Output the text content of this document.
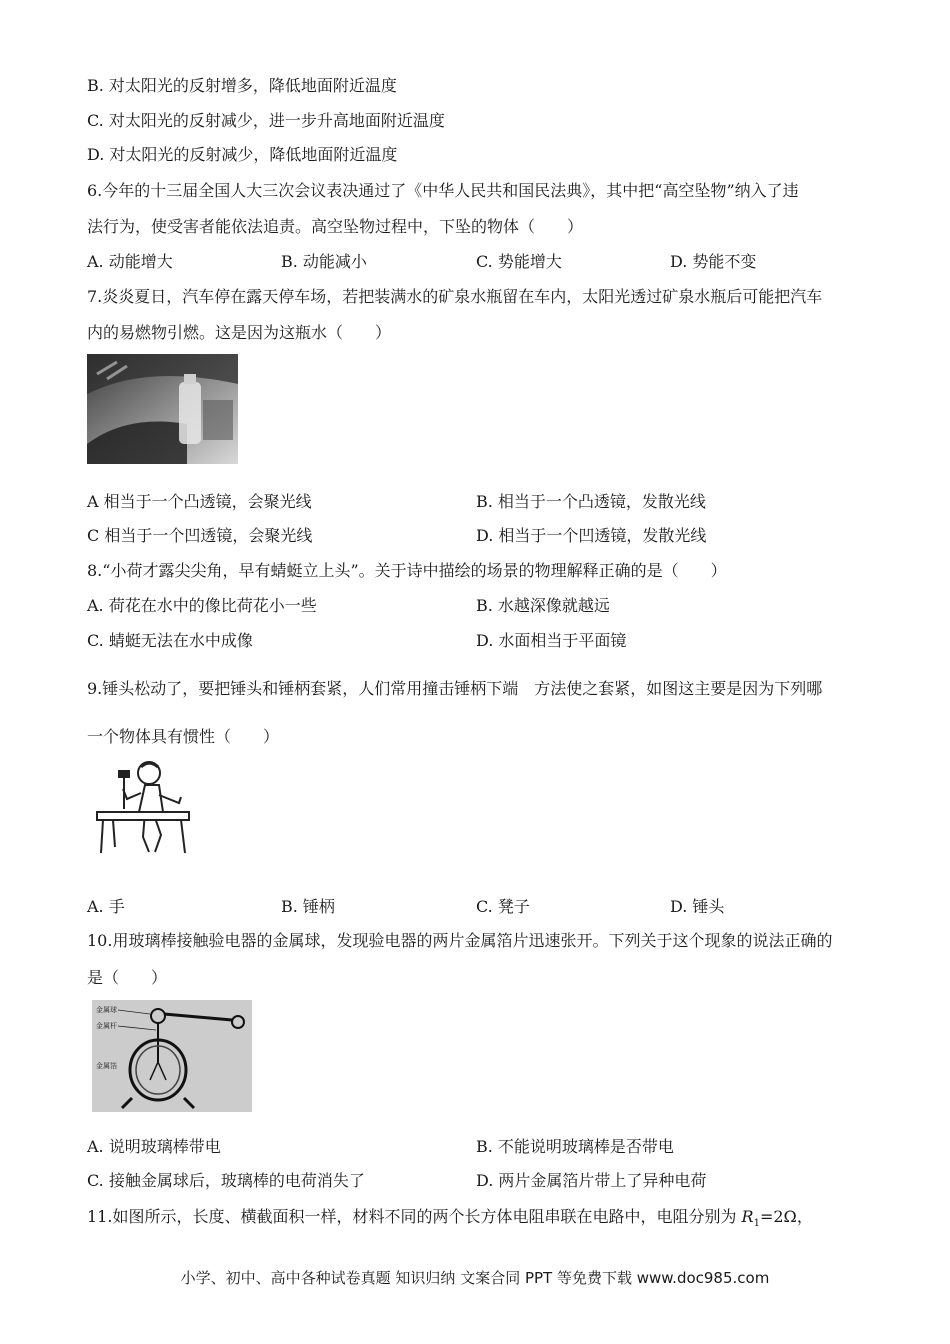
B. 对太阳光的反射增多，降低地面附近温度
C. 对太阳光的反射减少，进一步升高地面附近温度
D. 对太阳光的反射减少，降低地面附近温度
6.今年的十三届全国人大三次会议表决通过了《中华人民共和国民法典》，其中把“高空坠物”纳入了违
法行为，使受害者能依法追责。高空坠物过程中，下坠的物体（　　）
A. 动能增大	B. 动能减小	C. 势能增大	D. 势能不变
7.炎炎夏日，汽车停在露天停车场，若把装满水的矿泉水瓶留在车内，太阳光透过矿泉水瓶后可能把汽车
内的易燃物引燃。这是因为这瓶水（　　）
A 相当于一个凸透镜，会聚光线	B. 相当于一个凸透镜，发散光线
C 相当于一个凹透镜，会聚光线	D. 相当于一个凹透镜，发散光线
8.“小荷才露尖尖角，早有蜻蜓立上头”。关于诗中描绘的场景的物理解释正确的是（　　）
A. 荷花在水中的像比荷花小一些	B. 水越深像就越远
C. 蜻蜓无法在水中成像	D. 水面相当于平面镜
9.锤头松动了，要把锤头和锤柄套紧，人们常用撞击锤柄下端　方法使之套紧，如图这主要是因为下列哪
一个物体具有惯性（　　）
A. 手	B. 锤柄	C. 凳子	D. 锤头
10.用玻璃棒接触验电器的金属球，发现验电器的两片金属箔片迅速张开。下列关于这个现象的说法正确的
是（　　）
金属球
金属杆
金属箔
A. 说明玻璃棒带电	B. 不能说明玻璃棒是否带电
C. 接触金属球后，玻璃棒的电荷消失了	D. 两片金属箔片带上了异种电荷
11.如图所示，长度、横截面积一样，材料不同的两个长方体电阻串联在电路中，电阻分别为 $R_1=2\Omega$，
小学、初中、高中各种试卷真题 知识归纳 文案合同 PPT 等免费下载 www.doc985.com
